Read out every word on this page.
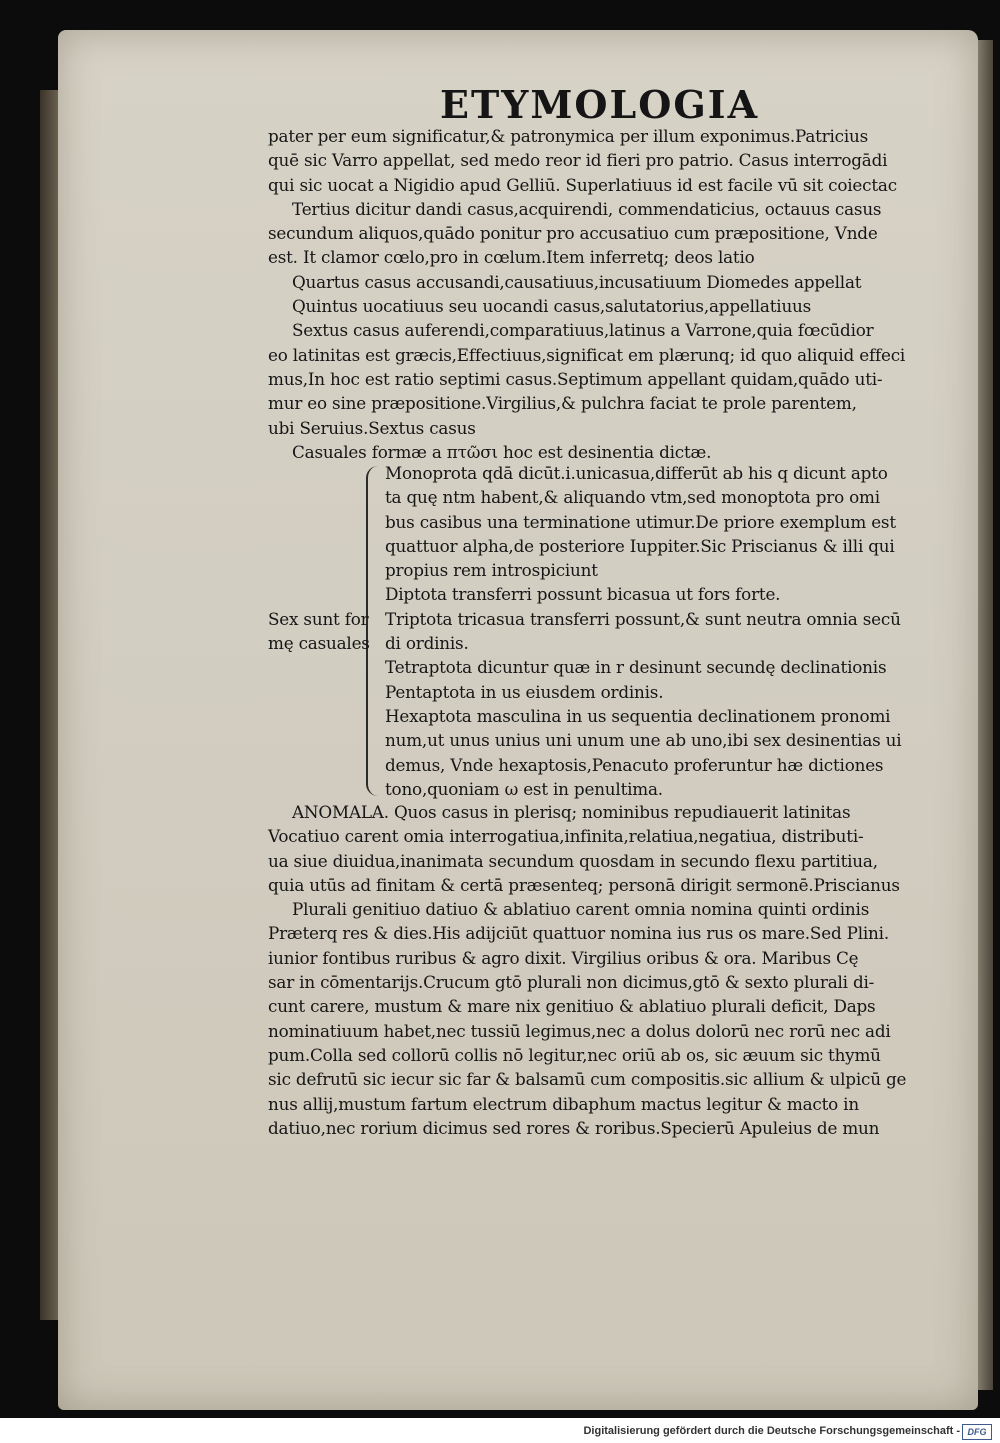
ETYMOLOGIA
pater per eum significatur,& patronymica per illum exponimus.Patricius
quē sic Varro appellat, sed medo reor id fieri pro patrio. Casus interrogādi
qui sic uocat a Nigidio apud Gelliū. Superlatiuus id est facile vū sit coiectac
Tertius dicitur dandi casus,acquirendi, commendaticius, octauus casus
secundum aliquos,quādo ponitur pro accusatiuo cum præpositione, Vnde
est. It clamor cœlo,pro in cœlum.Item inferretq; deos latio
Quartus casus accusandi,causatiuus,incusatiuum Diomedes appellat
Quintus uocatiuus seu uocandi casus,salutatorius,appellatiuus
Sextus casus auferendi,comparatiuus,latinus a Varrone,quia fœcūdior
eo latinitas est græcis,Effectiuus,significat em plærunq; id quo aliquid effeci
mus,In hoc est ratio septimi casus.Septimum appellant quidam,quādo uti-
mur eo sine præpositione.Virgilius,& pulchra faciat te prole parentem,
ubi Seruius.Sextus casus
Casuales formæ a πτῶσι hoc est desinentia dictæ.
Monoprota qdā dicūt.i.unicasua,differūt ab his q dicunt apto
ta quę ntm habent,& aliquando vtm,sed monoptota pro omi
bus casibus una terminatione utimur.De priore exemplum est
quattuor alpha,de posteriore Iuppiter.Sic Priscianus & illi qui
propius rem introspiciunt
Diptota transferri possunt bicasua ut fors forte.
Triptota tricasua transferri possunt,& sunt neutra omnia secū
di ordinis.
Tetraptota dicuntur quæ in r desinunt secundę declinationis
Pentaptota in us eiusdem ordinis.
Hexaptota masculina in us sequentia declinationem pronomi
num,ut unus unius uni unum une ab uno,ibi sex desinentias ui
demus, Vnde hexaptosis,Penacuto proferuntur hæ dictiones
tono,quoniam ω est in penultima.
Sex sunt for
mę casuales
ANOMALA. Quos casus in plerisq; nominibus repudiauerit latinitas
Vocatiuo carent omia interrogatiua,infinita,relatiua,negatiua, distributi-
ua siue diuidua,inanimata secundum quosdam in secundo flexu partitiua,
quia utūs ad finitam & certā præsenteq; personā dirigit sermonē.Priscianus
Plurali genitiuo datiuo & ablatiuo carent omnia nomina quinti ordinis
Præterq res & dies.His adijciūt quattuor nomina ius rus os mare.Sed Plini.
iunior fontibus ruribus & agro dixit. Virgilius oribus & ora. Maribus Cę
sar in cōmentarijs.Crucum gtō plurali non dicimus,gtō & sexto plurali di-
cunt carere, mustum & mare nix genitiuo & ablatiuo plurali deficit, Daps
nominatiuum habet,nec tussiū legimus,nec a dolus dolorū nec rorū nec adi
pum.Colla sed collorū collis nō legitur,nec oriū ab os, sic æuum sic thymū
sic defrutū sic iecur sic far & balsamū cum compositis.sic allium & ulpicū ge
nus allij,mustum fartum electrum dibaphum mactus legitur & macto in
datiuo,nec rorium dicimus sed rores & roribus.Specierū Apuleius de mun
Digitalisierung gefördert durch die Deutsche Forschungsgemeinschaft - DFG
